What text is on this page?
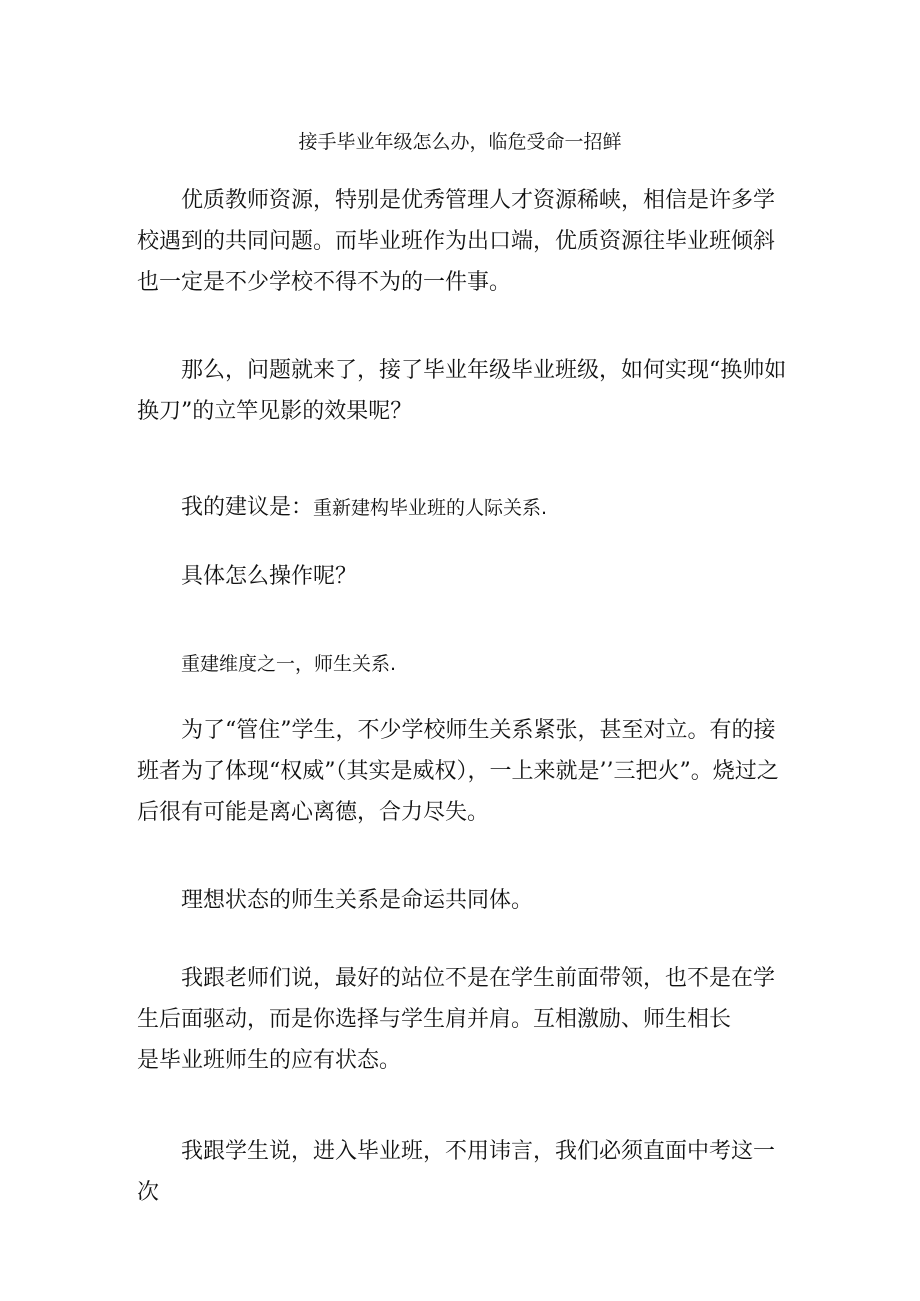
接手毕业年级怎么办，临危受命一招鲜

优质教师资源，特别是优秀管理人才资源稀峡，相信是许多学校遇到的共同问题。而毕业班作为出口端，优质资源往毕业班倾斜也一定是不少学校不得不为的一件事。

那么，问题就来了，接了毕业年级毕业班级，如何实现“换帅如换刀”的立竿见影的效果呢？

我的建议是：重新建构毕业班的人际关系.

具体怎么操作呢？

重建维度之一，师生关系.

为了“管住”学生，不少学校师生关系紧张，甚至对立。有的接班者为了体现“权威”（其实是威权），一上来就是’’三把火”。烧过之后很有可能是离心离德，合力尽失。

理想状态的师生关系是命运共同体。

我跟老师们说，最好的站位不是在学生前面带领，也不是在学生后面驱动，而是你选择与学生肩并肩。互相激励、师生相长
是毕业班师生的应有状态。

我跟学生说，进入毕业班，不用讳言，我们必须直面中考这一次
